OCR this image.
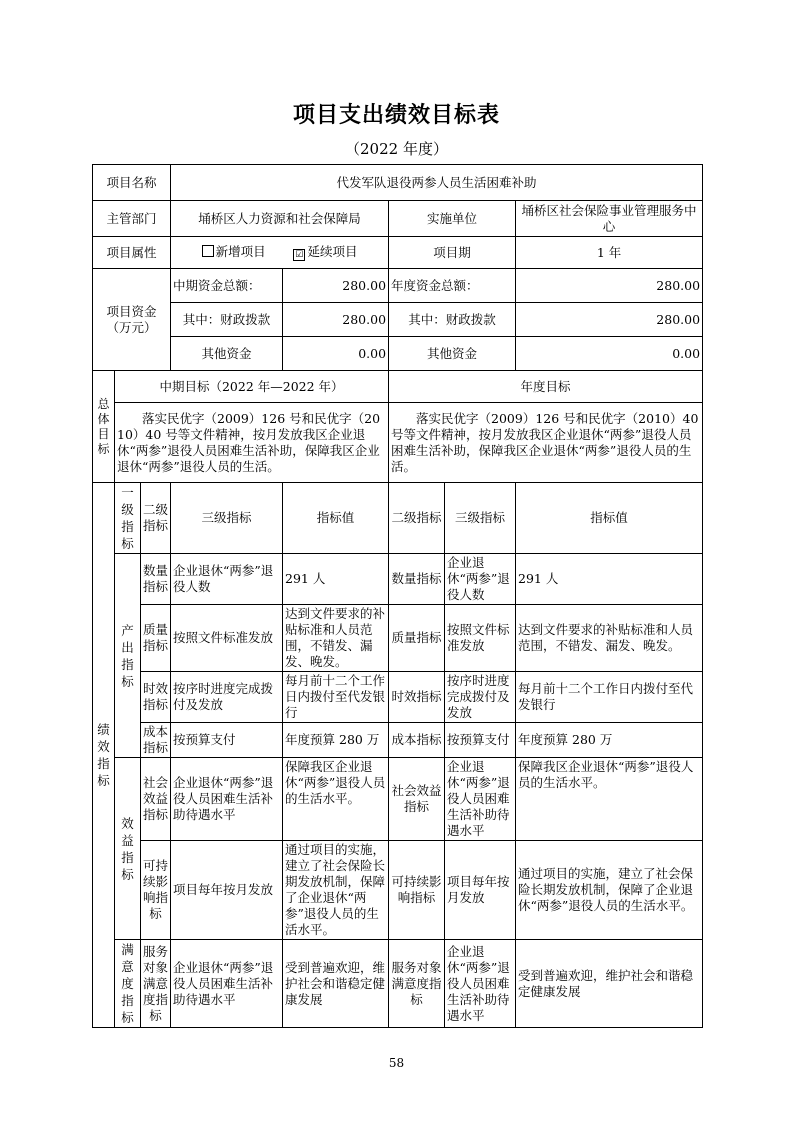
项目支出绩效目标表
（2022 年度）
项目名称			代发军队退役两参人员生活困难补助				
主管部门			埇桥区人力资源和社会保障局		实施单位		埇桥区社会保险事业管理服务中心
项目属性			新增项目 ☑ 延续项目		项目期		1 年
项目资金（万元）			中期资金总额：	280.00	年度资金总额：		280.00
			其中：财政拨款	280.00	其中：财政拨款		280.00
			其他资金	0.00	其他资金		0.00

总体目标	中期目标（2022 年—2022 年）				年度目标		
	落实民优字（2009）126 号和民优字（2010）40 号等文件精神，按月发放我区企业退休“两参”退役人员困难生活补助，保障我区企业退休“两参”退役人员的生活。				落实民优字（2009）126 号和民优字（2010）40 号等文件精神，按月发放我区企业退休“两参”退役人员困难生活补助，保障我区企业退休“两参”退役人员的生活。		

绩效指标	一级指标	二级指标	三级指标	指标值	二级指标	三级指标	指标值

	产出指标	数量指标	企业退休“两参”退役人数	291 人	数量指标	企业退休“两参”退役人数	291 人
		质量指标	按照文件标准发放	达到文件要求的补贴标准和人员范围，不错发、漏发、晚发。	质量指标	按照文件标准发放	达到文件要求的补贴标准和人员范围，不错发、漏发、晚发。
		时效指标	按序时进度完成拨付及发放	每月前十二个工作日内拨付至代发银行	时效指标	按序时进度完成拨付及发放	每月前十二个工作日内拨付至代发银行
		成本指标	按预算支付	年度预算 280 万	成本指标	按预算支付	年度预算 280 万

	效益指标	社会效益指标	企业退休“两参”退役人员困难生活补助待遇水平	保障我区企业退休“两参”退役人员的生活水平。	社会效益指标	企业退休“两参”退役人员困难生活补助待遇水平	保障我区企业退休“两参”退役人员的生活水平。
		可持续影响指标	项目每年按月发放	通过项目的实施，建立了社会保险长期发放机制，保障了企业退休“两参”退役人员的生活水平。	可持续影响指标	项目每年按月发放	通过项目的实施，建立了社会保险长期发放机制，保障了企业退休“两参”退役人员的生活水平。

	满意度指标	服务对象满意度指标	企业退休“两参”退役人员困难生活补助待遇水平	受到普遍欢迎，维护社会和谐稳定健康发展	服务对象满意度指标	企业退休“两参”退役人员困难生活补助待遇水平	受到普遍欢迎，维护社会和谐稳定健康发展
58
